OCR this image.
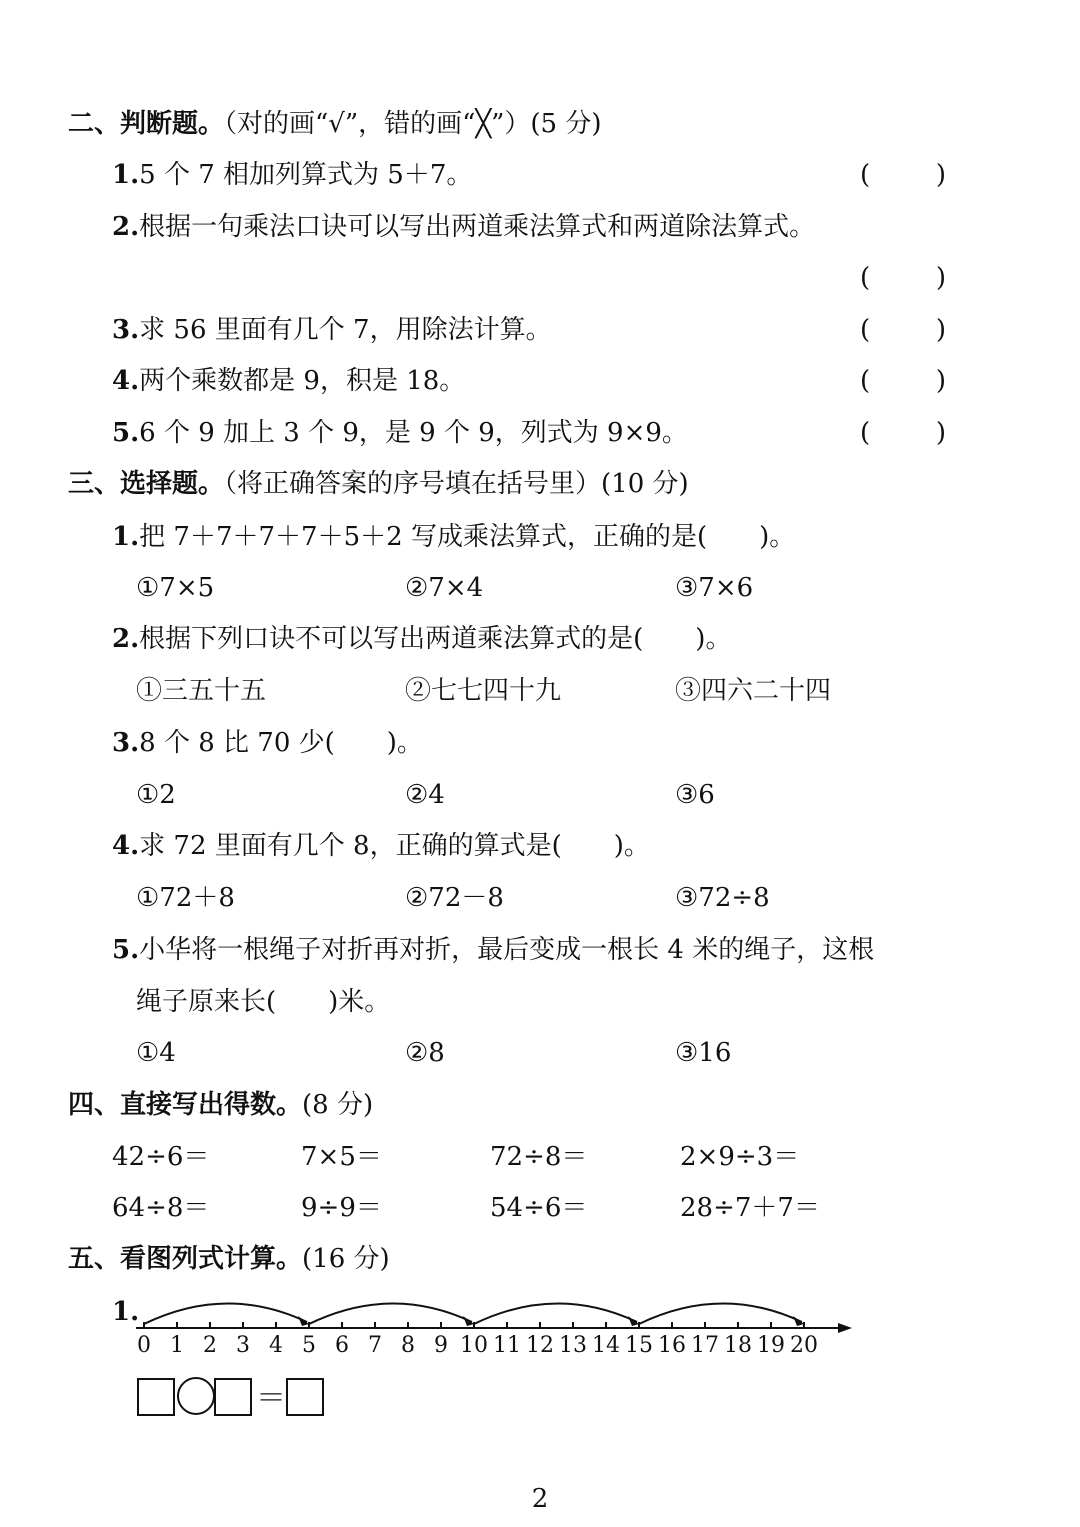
二、判断题。（对的画“√”，错的画“╳”）(5 分)
1.5 个 7 相加列算式为 5＋7。	(	)
2.根据一句乘法口诀可以写出两道乘法算式和两道除法算式。
(	)
3.求 56 里面有几个 7，用除法计算。	(	)
4.两个乘数都是 9，积是 18。	(	)
5.6 个 9 加上 3 个 9，是 9 个 9，列式为 9×9。	(	)
三、选择题。（将正确答案的序号填在括号里）(10 分)
1.把 7＋7＋7＋7＋5＋2 写成乘法算式，正确的是(　　)。
①7×5	②7×4	③7×6
2.根据下列口诀不可以写出两道乘法算式的是(　　)。
①三五十五	②七七四十九	③四六二十四
3.8 个 8 比 70 少(　　)。
①2	②4	③6
4.求 72 里面有几个 8，正确的算式是(　　)。
①72＋8	②72－8	③72÷8
5.小华将一根绳子对折再对折，最后变成一根长 4 米的绳子，这根
绳子原来长(　　)米。
①4	②8	③16
四、直接写出得数。(8 分)
42÷6＝	7×5＝	72÷8＝	2×9÷3＝
64÷8＝	9÷9＝	54÷6＝	28÷7＋7＝
五、看图列式计算。(16 分)
1.
0 1 2 3 4 5 6 7 8 9 10 11 12 13 14 15 16 17 18 19 20
＝
2
